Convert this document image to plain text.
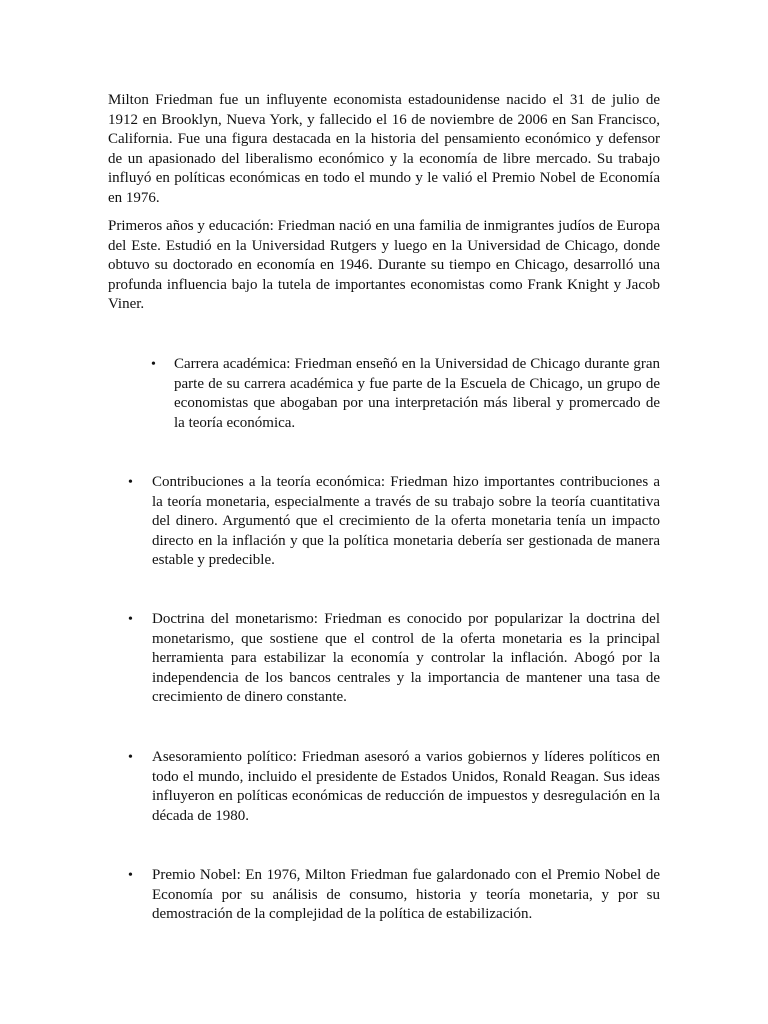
Milton Friedman fue un influyente economista estadounidense nacido el 31 de julio de 1912 en Brooklyn, Nueva York, y fallecido el 16 de noviembre de 2006 en San Francisco, California. Fue una figura destacada en la historia del pensamiento económico y defensor de un apasionado del liberalismo económico y la economía de libre mercado. Su trabajo influyó en políticas económicas en todo el mundo y le valió el Premio Nobel de Economía en 1976.

Primeros años y educación: Friedman nació en una familia de inmigrantes judíos de Europa del Este. Estudió en la Universidad Rutgers y luego en la Universidad de Chicago, donde obtuvo su doctorado en economía en 1946. Durante su tiempo en Chicago, desarrolló una profunda influencia bajo la tutela de importantes economistas como Frank Knight y Jacob Viner.

• Carrera académica: Friedman enseñó en la Universidad de Chicago durante gran parte de su carrera académica y fue parte de la Escuela de Chicago, un grupo de economistas que abogaban por una interpretación más liberal y promercado de la teoría económica.
• Contribuciones a la teoría económica: Friedman hizo importantes contribuciones a la teoría monetaria, especialmente a través de su trabajo sobre la teoría cuantitativa del dinero. Argumentó que el crecimiento de la oferta monetaria tenía un impacto directo en la inflación y que la política monetaria debería ser gestionada de manera estable y predecible.
• Doctrina del monetarismo: Friedman es conocido por popularizar la doctrina del monetarismo, que sostiene que el control de la oferta monetaria es la principal herramienta para estabilizar la economía y controlar la inflación. Abogó por la independencia de los bancos centrales y la importancia de mantener una tasa de crecimiento de dinero constante.
• Asesoramiento político: Friedman asesoró a varios gobiernos y líderes políticos en todo el mundo, incluido el presidente de Estados Unidos, Ronald Reagan. Sus ideas influyeron en políticas económicas de reducción de impuestos y desregulación en la década de 1980.
• Premio Nobel: En 1976, Milton Friedman fue galardonado con el Premio Nobel de Economía por su análisis de consumo, historia y teoría monetaria, y por su demostración de la complejidad de la política de estabilización.
